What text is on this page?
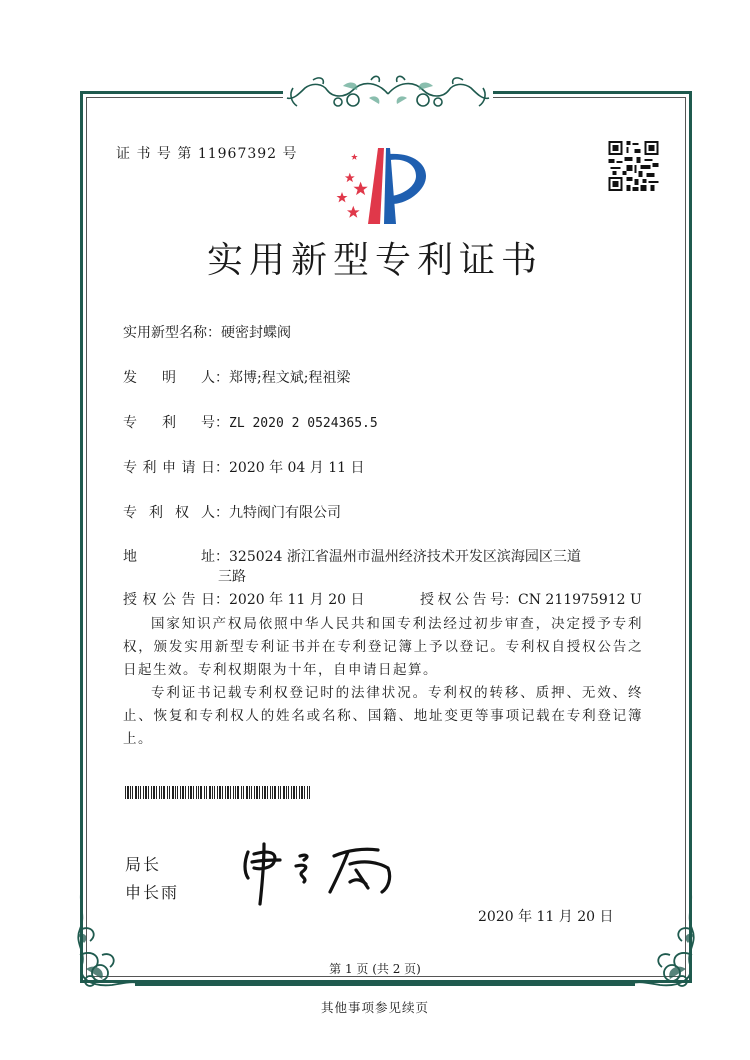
证 书 号 第 11967392 号
实用新型专利证书
实用新型名称：硬密封蝶阀
发明人：郑博;程文斌;程祖梁
专利号：ZL 2020 2 0524365.5
专利申请日：2020 年 04 月 11 日
专利权人：九特阀门有限公司
地址：325024 浙江省温州市温州经济技术开发区滨海园区三道
三路
授权公告日：2020 年 11 月 20 日	授权公告号：CN 211975912 U
国家知识产权局依照中华人民共和国专利法经过初步审查，决定授予专利权，颁发实用新型专利证书并在专利登记簿上予以登记。专利权自授权公告之日起生效。专利权期限为十年，自申请日起算。
专利证书记载专利权登记时的法律状况。专利权的转移、质押、无效、终止、恢复和专利权人的姓名或名称、国籍、地址变更等事项记载在专利登记簿上。
局长
申长雨
2020 年 11 月 20 日
第 1 页 (共 2 页)
其他事项参见续页
